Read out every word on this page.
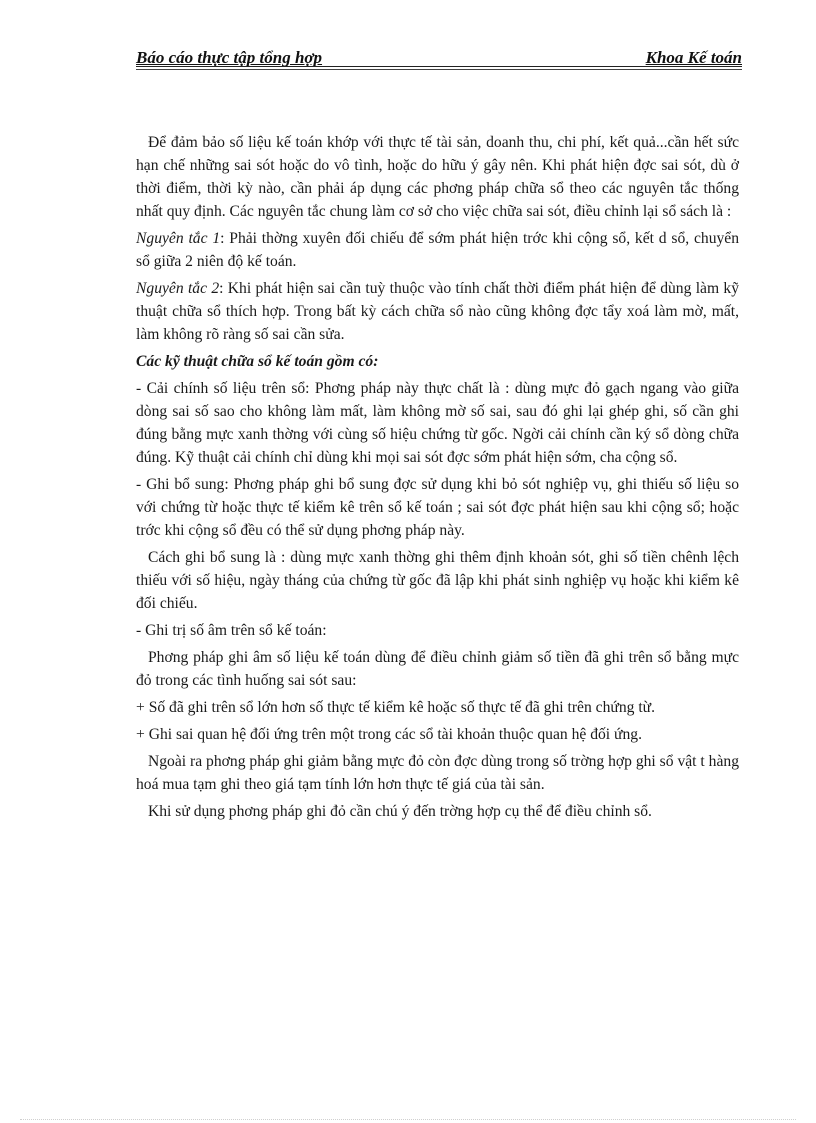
Báo cáo thực tập tổng hợp	Khoa Kế toán

Để đảm bảo số liệu kế toán khớp với thực tế tài sản, doanh thu, chi phí, kết quả...cần hết sức hạn chế những sai sót hoặc do vô tình, hoặc do hữu ý gây nên. Khi phát hiện đợc sai sót, dù ở thời điểm, thời kỳ nào, cần phải áp dụng các phơng pháp chữa sổ theo các nguyên tắc thống nhất quy định. Các nguyên tắc chung làm cơ sở cho việc chữa sai sót, điều chỉnh lại sổ sách là :

Nguyên tắc 1: Phải thờng xuyên đối chiếu để sớm phát hiện trớc khi cộng sổ, kết d sổ, chuyển sổ giữa 2 niên độ kế toán.

Nguyên tắc 2: Khi phát hiện sai cần tuỳ thuộc vào tính chất thời điểm phát hiện để dùng làm kỹ thuật chữa sổ thích hợp. Trong bất kỳ cách chữa sổ nào cũng không đợc tẩy xoá làm mờ, mất, làm không rõ ràng số sai cần sửa.

Các kỹ thuật chữa sổ kế toán gồm có:

- Cải chính số liệu trên sổ: Phơng pháp này thực chất là : dùng mực đỏ gạch ngang vào giữa dòng sai số sao cho không làm mất, làm không mờ số sai, sau đó ghi lại ghép ghi, số cần ghi đúng bằng mực xanh thờng với cùng số hiệu chứng từ gốc. Ngời cải chính cần ký sổ dòng chữa đúng. Kỹ thuật cải chính chỉ dùng khi mọi sai sót đợc sớm phát hiện sớm, cha cộng sổ.

- Ghi bổ sung: Phơng pháp ghi bổ sung đợc sử dụng khi bỏ sót nghiệp vụ, ghi thiếu số liệu so với chứng từ hoặc thực tế kiểm kê trên sổ kế toán ; sai sót đợc phát hiện sau khi cộng sổ; hoặc trớc khi cộng sổ đều có thể sử dụng phơng pháp này.

Cách ghi bổ sung là : dùng mực xanh thờng ghi thêm định khoản sót, ghi số tiền chênh lệch thiếu với số hiệu, ngày tháng của chứng từ gốc đã lập khi phát sinh nghiệp vụ hoặc khi kiểm kê đối chiếu.

- Ghi trị số âm trên sổ kế toán:

Phơng pháp ghi âm số liệu kế toán dùng để điều chỉnh giảm số tiền đã ghi trên sổ bằng mực đỏ trong các tình huống sai sót sau:

+ Số đã ghi trên sổ lớn hơn số thực tế kiểm kê hoặc số thực tế đã ghi trên chứng từ.

+ Ghi sai quan hệ đối ứng trên một trong các sổ tài khoản thuộc quan hệ đối ứng.

Ngoài ra phơng pháp ghi giảm bằng mực đỏ còn đợc dùng trong số trờng hợp ghi sổ vật t hàng hoá mua tạm ghi theo giá tạm tính lớn hơn thực tế giá của tài sản.

Khi sử dụng phơng pháp ghi đỏ cần chú ý đến trờng hợp cụ thể để điều chỉnh sổ.
